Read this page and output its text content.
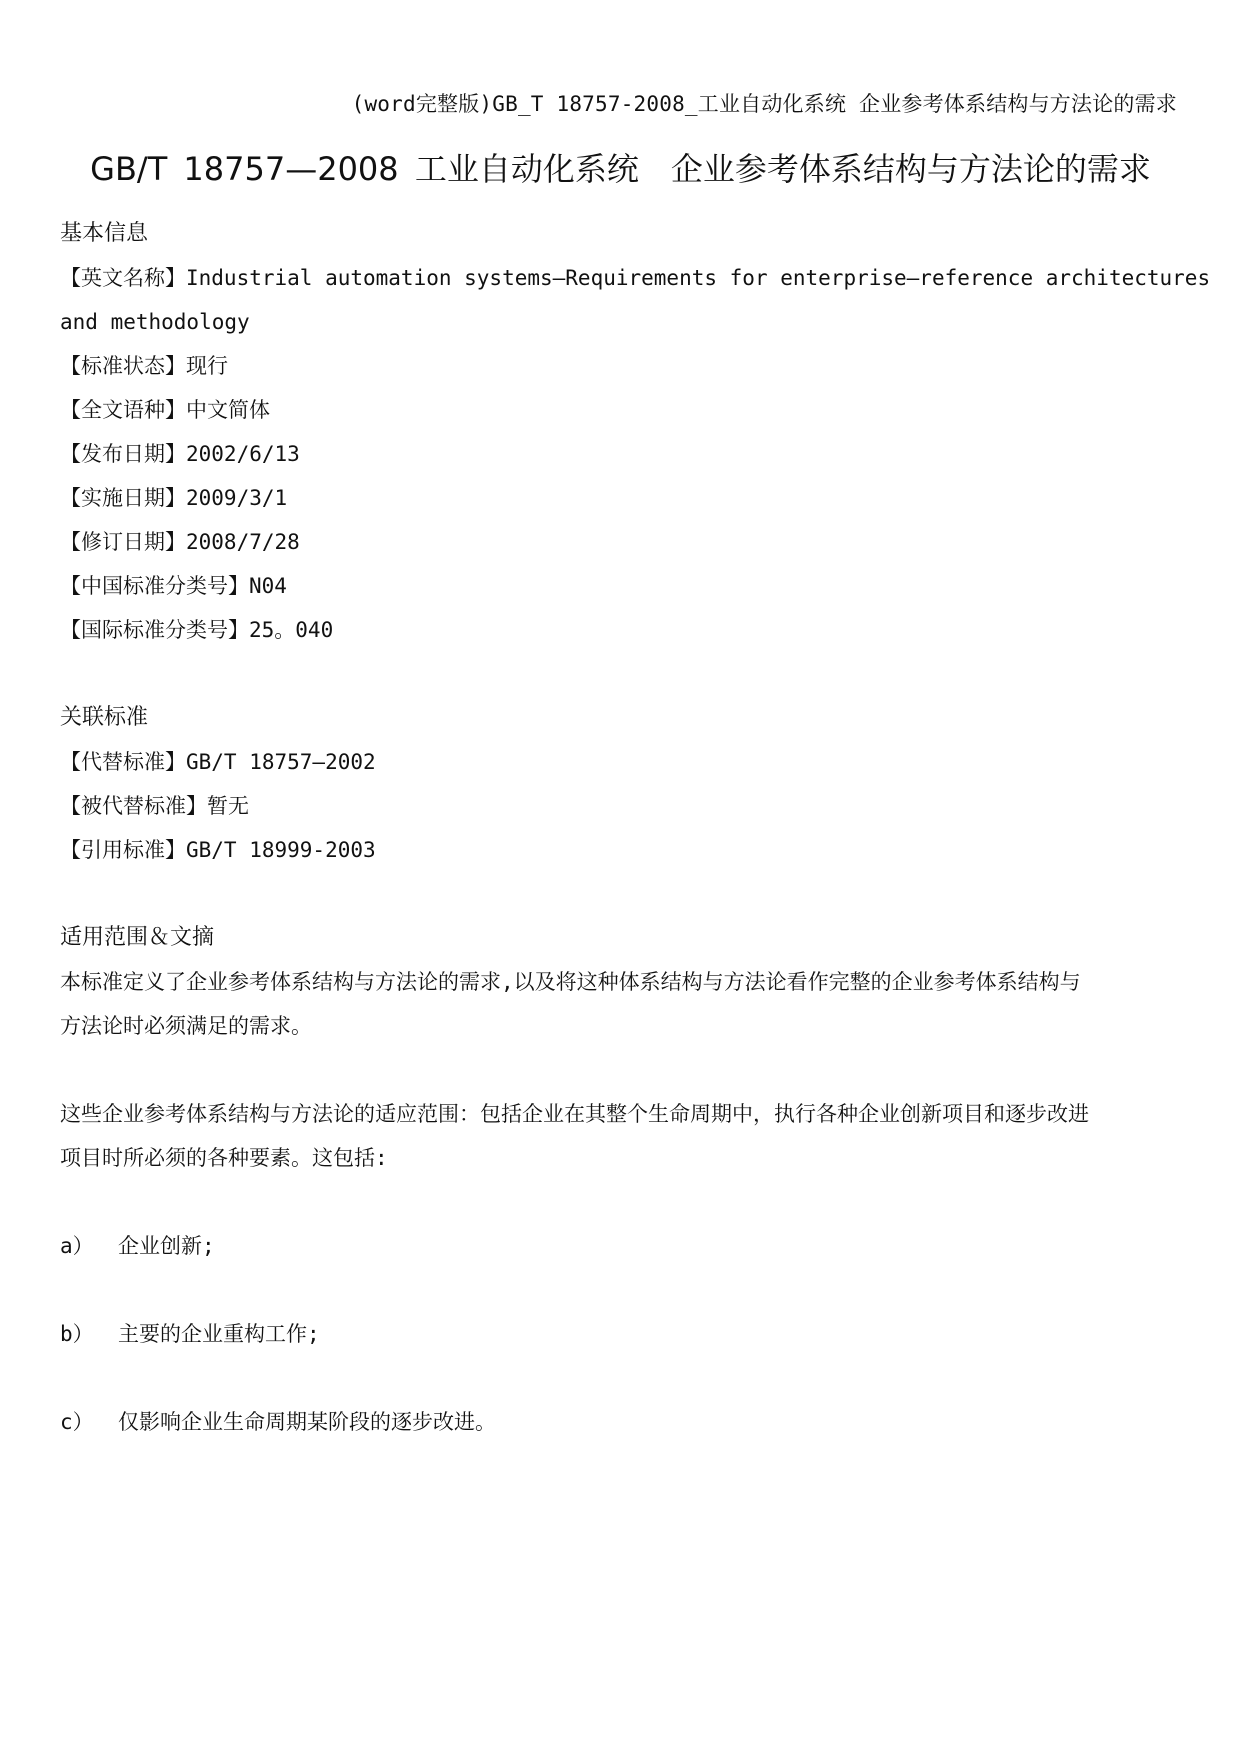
(word完整版)GB_T 18757-2008_工业自动化系统 企业参考体系结构与方法论的需求
GB/T 18757—2008 工业自动化系统　企业参考体系结构与方法论的需求
基本信息
【英文名称】Industrial automation systems—Requirements for enterprise—reference architectures
and methodology
【标准状态】现行
【全文语种】中文简体
【发布日期】2002/6/13
【实施日期】2009/3/1
【修订日期】2008/7/28
【中国标准分类号】N04
【国际标准分类号】25。040
关联标准
【代替标准】GB/T 18757—2002
【被代替标准】暂无
【引用标准】GB/T 18999-2003
适用范围＆文摘
本标准定义了企业参考体系结构与方法论的需求,以及将这种体系结构与方法论看作完整的企业参考体系结构与
方法论时必须满足的需求。
这些企业参考体系结构与方法论的适应范围：包括企业在其整个生命周期中，执行各种企业创新项目和逐步改进
项目时所必须的各种要素。这包括:
a） 企业创新;
b） 主要的企业重构工作;
c） 仅影响企业生命周期某阶段的逐步改进。
